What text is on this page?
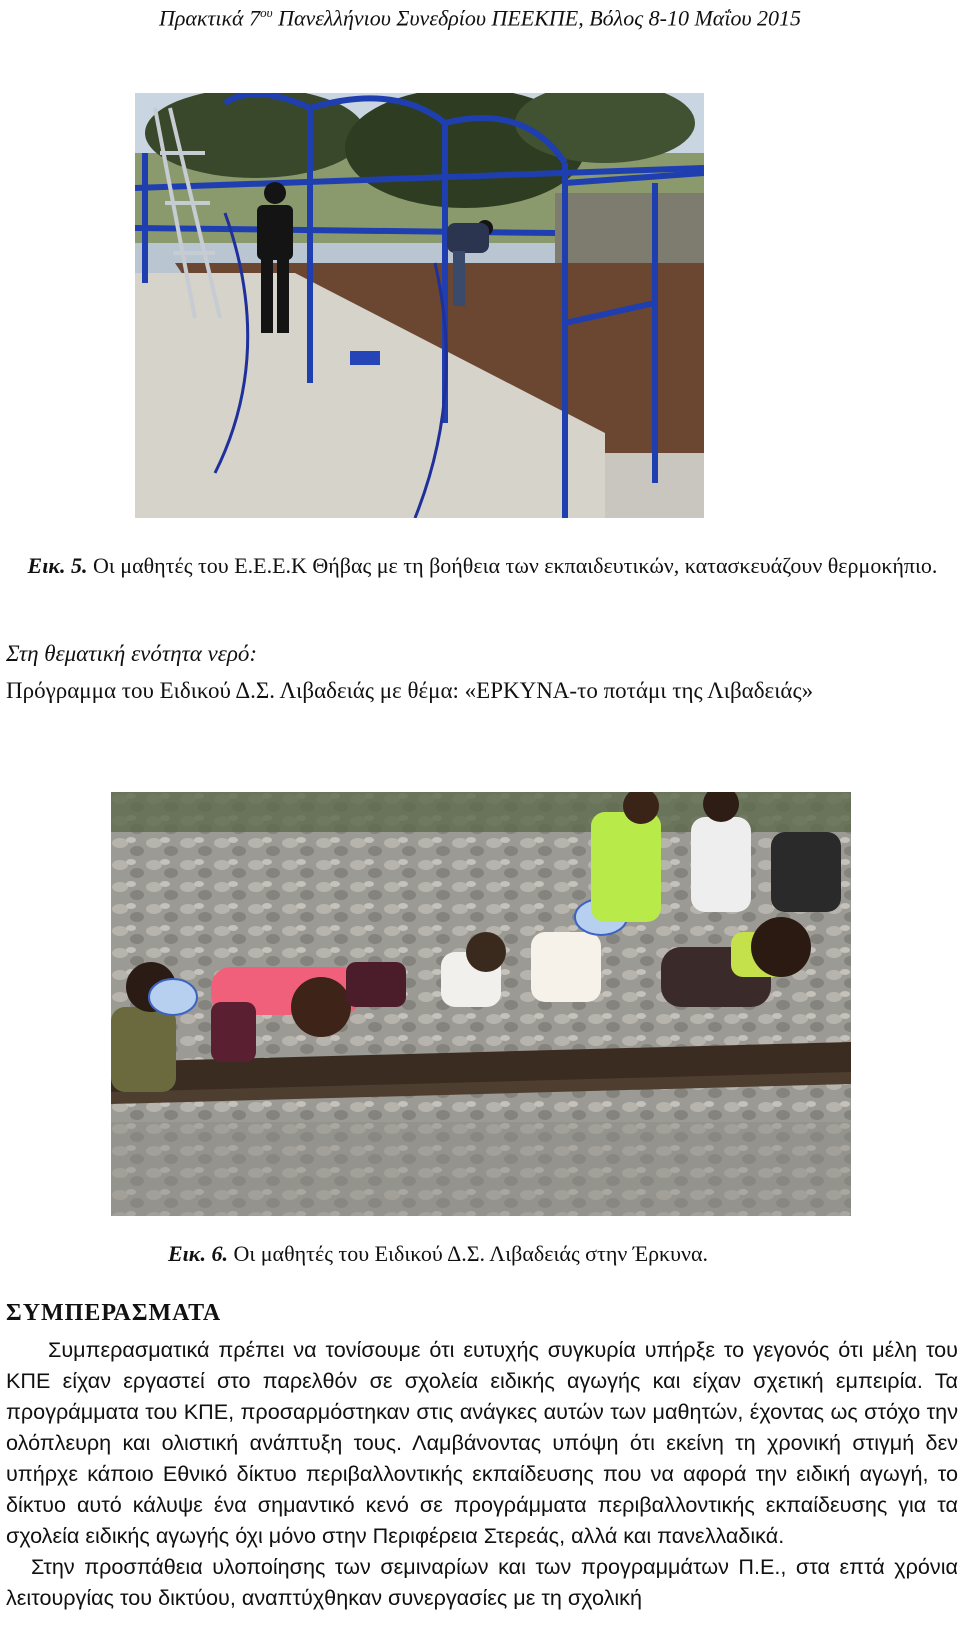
Πρακτικά $7^{o\upsilon}$ Πανελλήνιου Συνεδρίου ΠΕΕΚΠΕ, Βόλος 8-10 Μαΐου 2015
Εικ. 5. Οι μαθητές του Ε.Ε.Ε.Κ Θήβας με τη βοήθεια των εκπαιδευτικών, κατασκευάζουν θερμοκήπιο.
Στη θεματική ενότητα νερό:
Πρόγραμμα του Ειδικού Δ.Σ. Λιβαδειάς με θέμα: «ΕΡΚΥΝΑ-το ποτάμι της Λιβαδειάς»
Εικ. 6. Οι μαθητές του Ειδικού Δ.Σ. Λιβαδειάς στην Έρκυνα.
ΣΥΜΠΕΡΑΣΜΑΤΑ

Συμπερασματικά πρέπει να τονίσουμε ότι ευτυχής συγκυρία υπήρξε το γεγονός ότι μέλη του ΚΠΕ είχαν εργαστεί στο παρελθόν σε σχολεία ειδικής αγωγής και είχαν σχετική εμπειρία. Τα προγράμματα του ΚΠΕ, προσαρμόστηκαν στις ανάγκες αυτών των μαθητών, έχοντας ως στόχο την ολόπλευρη και ολιστική ανάπτυξη τους. Λαμβάνοντας υπόψη ότι εκείνη τη χρονική στιγμή δεν υπήρχε κάποιο Εθνικό δίκτυο περιβαλλοντικής εκπαίδευσης που να αφορά την ειδική αγωγή, το δίκτυο αυτό κάλυψε ένα σημαντικό κενό σε προγράμματα περιβαλλοντικής εκπαίδευσης για τα σχολεία ειδικής αγωγής όχι μόνο στην Περιφέρεια Στερεάς, αλλά και πανελλαδικά.

Στην προσπάθεια υλοποίησης των σεμιναρίων και των προγραμμάτων Π.Ε., στα επτά χρόνια λειτουργίας του δικτύου, αναπτύχθηκαν συνεργασίες με τη σχολική
